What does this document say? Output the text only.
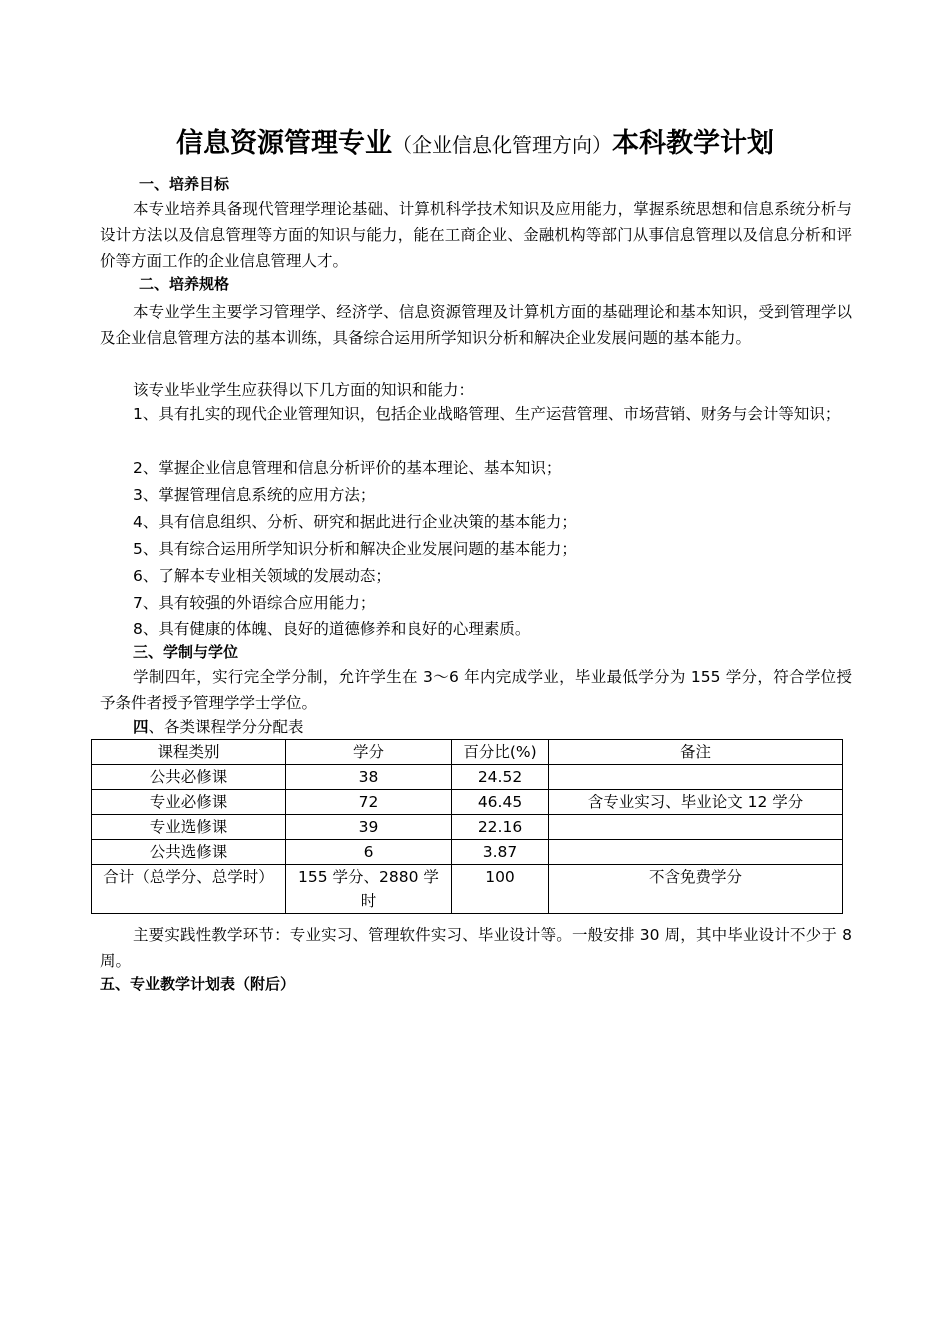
信息资源管理专业（企业信息化管理方向）本科教学计划
一、培养目标
本专业培养具备现代管理学理论基础、计算机科学技术知识及应用能力，掌握系统思想和信息系统分析与设计方法以及信息管理等方面的知识与能力，能在工商企业、金融机构等部门从事信息管理以及信息分析和评价等方面工作的企业信息管理人才。
二、培养规格
本专业学生主要学习管理学、经济学、信息资源管理及计算机方面的基础理论和基本知识，受到管理学以及企业信息管理方法的基本训练，具备综合运用所学知识分析和解决企业发展问题的基本能力。
该专业毕业学生应获得以下几方面的知识和能力：
1、具有扎实的现代企业管理知识，包括企业战略管理、生产运营管理、市场营销、财务与会计等知识；
2、掌握企业信息管理和信息分析评价的基本理论、基本知识；
3、掌握管理信息系统的应用方法；
4、具有信息组织、分析、研究和据此进行企业决策的基本能力；
5、具有综合运用所学知识分析和解决企业发展问题的基本能力；
6、了解本专业相关领域的发展动态；
7、具有较强的外语综合应用能力；
8、具有健康的体魄、良好的道德修养和良好的心理素质。
三、学制与学位
学制四年，实行完全学分制，允许学生在 3～6 年内完成学业，毕业最低学分为 155 学分，符合学位授予条件者授予管理学学士学位。
四、各类课程学分分配表
课程类别	学分	百分比(%)	备注
公共必修课	38	24.52	
专业必修课	72	46.45	含专业实习、毕业论文 12 学分
专业选修课	39	22.16	
公共选修课	6	3.87	
合计（总学分、总学时）	155 学分、2880 学时	100	不含免费学分
主要实践性教学环节：专业实习、管理软件实习、毕业设计等。一般安排 30 周，其中毕业设计不少于 8 周。
五、专业教学计划表（附后）
